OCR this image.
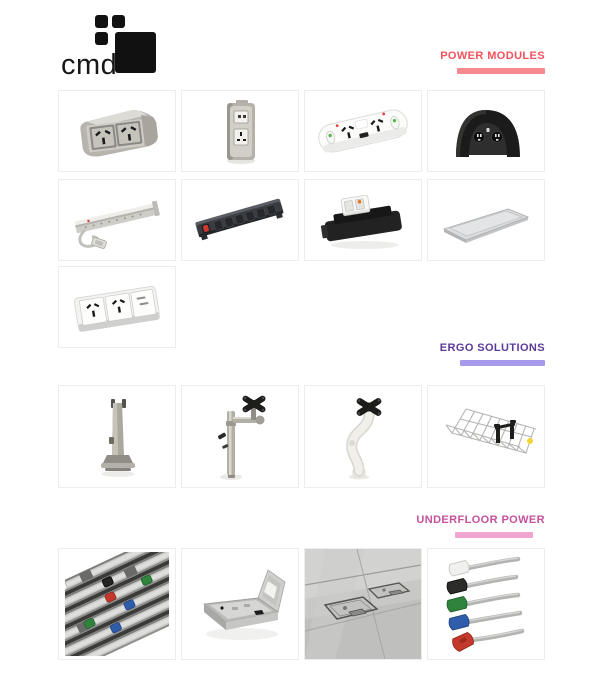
cmd	POWER MODULES
ERGO SOLUTIONS
UNDERFLOOR POWER
